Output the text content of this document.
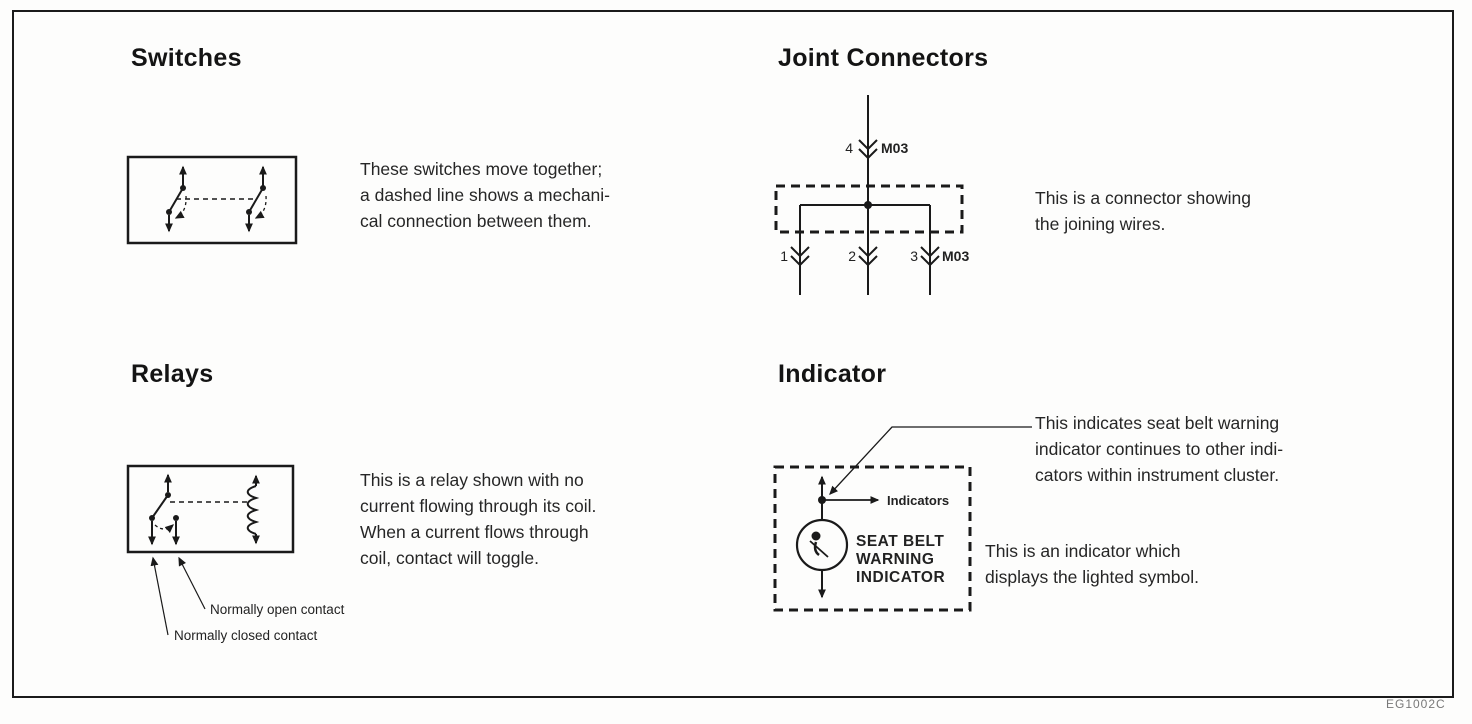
Switches	Joint Connectors
Relays	Indicator
These switches move together;
a dashed line shows a mechani-
cal connection between them.
4 M03
1	2	3 M03
This is a connector showing
the joining wires.
Normally open contact
Normally closed contact
This is a relay shown with no
current flowing through its coil.
When a current flows through
coil, contact will toggle.
Indicators
SEAT BELT
WARNING
INDICATOR
This indicates seat belt warning
indicator continues to other indi-
cators within instrument cluster.
This is an indicator which
displays the lighted symbol.
EG1002C
